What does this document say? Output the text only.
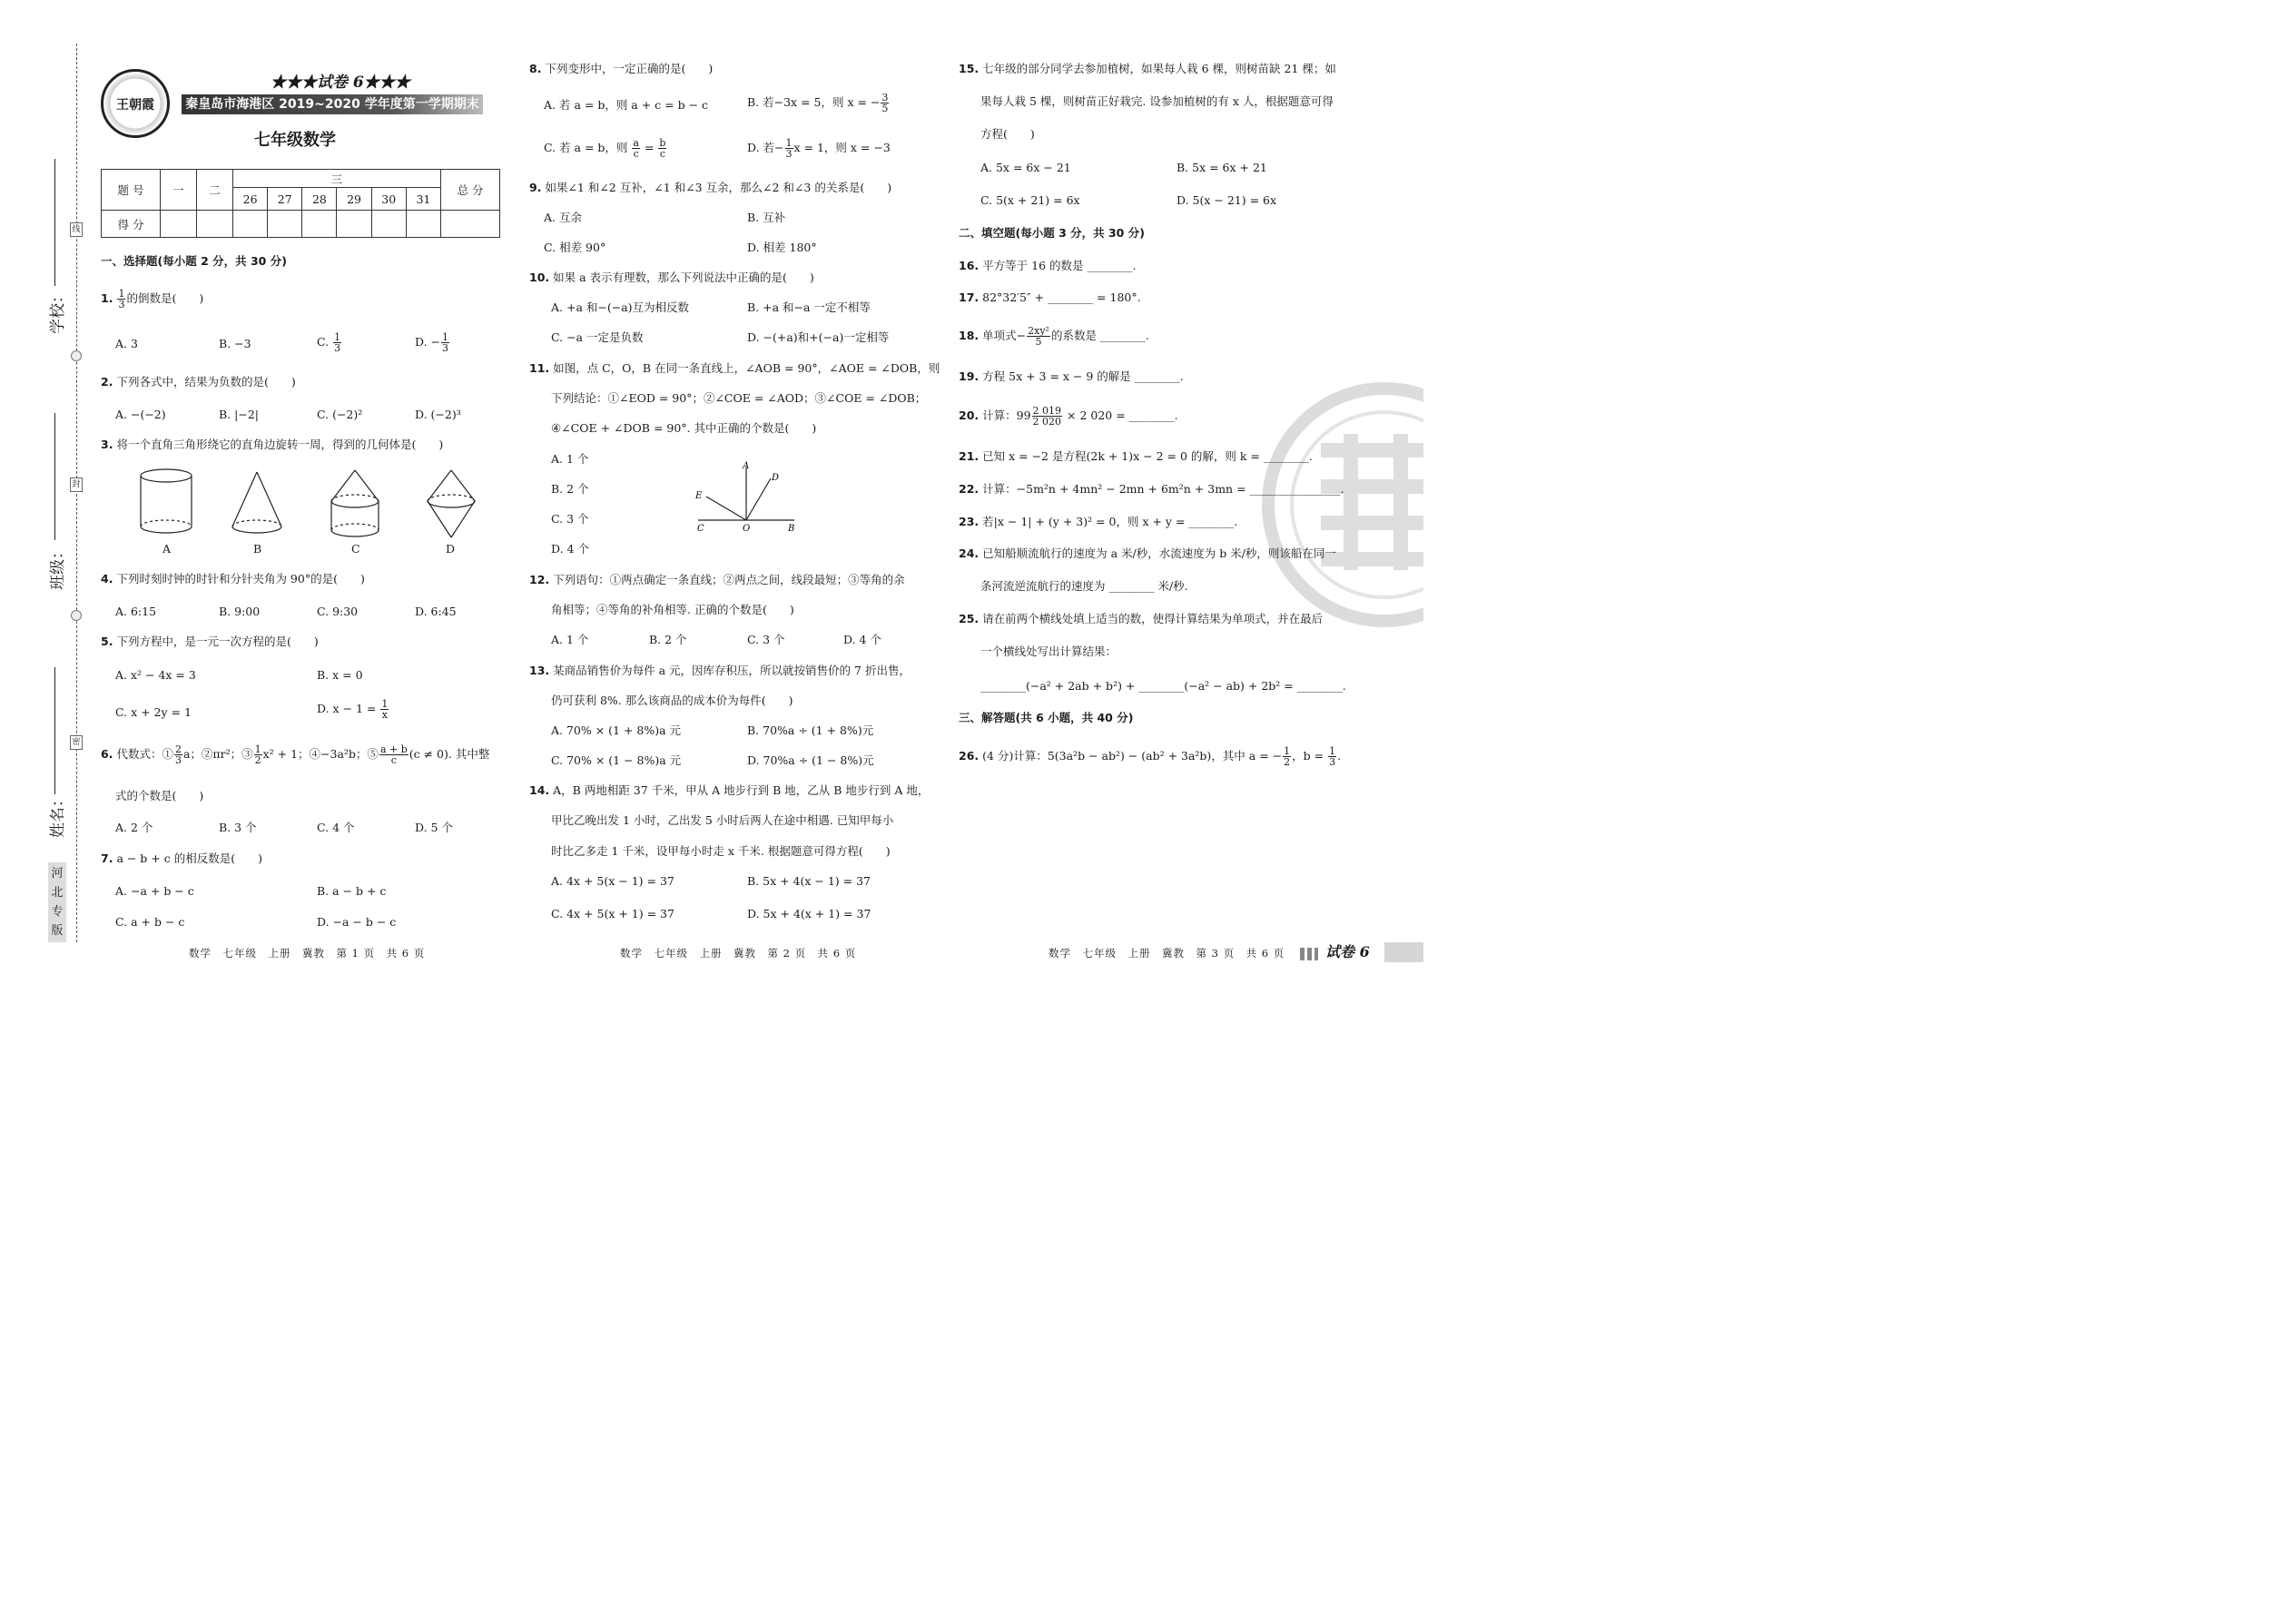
学校：
班级：
姓名：
线
封
密
河
北
专
版
王朝霞
★★★试卷 6★★★
秦皇岛市海港区 2019~2020 学年度第一学期期末质量检测试题
七年级数学
题 号	一	二	三						总 分
			26	27	28	29	30	31	
得 分									
一、选择题(每小题 2 分，共 30 分)
1. $\frac{1}{3}$ 的倒数是(　　)
A. 3	B. −3	C. $\frac{1}{3}$	D. − $\frac{1}{3}$
2. 下列各式中，结果为负数的是(　　)
A. −(−2)	B. |−2|	C. (−2)²	D. (−2)³
3. 将一个直角三角形绕它的直角边旋转一周，得到的几何体是(　　)
A	B	C	D
4. 下列时刻时钟的时针和分针夹角为 90°的是(　　)
A. 6:15	B. 9:00	C. 9:30	D. 6:45
5. 下列方程中，是一元一次方程的是(　　)
A. x² − 4x = 3	B. x = 0
C. x + 2y = 1	D. $x - 1 = \frac{1}{x}$
6. 代数式：① $\frac{2}{3}$ a；②πr²；③ $\frac{1}{2} x^2 + 1$；④−3a²b；⑤ $\frac{a + b}{c} (c \ne 0)$. 其中整
式的个数是(　　)
A. 2 个	B. 3 个	C. 4 个	D. 5 个
7. a − b + c 的相反数是(　　)
A. −a + b − c	B. a − b + c
C. a + b − c	D. −a − b − c
数学　七年级　上册　冀教　第 1 页　共 6 页
8. 下列变形中，一定正确的是(　　)
A. 若 a = b，则 a + c = b − c	B. 若−3x = 5，则 x = − $\frac{3}{5}$
C. 若 a = b，则 $\frac{a}{c} = \frac{b}{c}$	D. 若− $\frac{1}{3}$ x = 1，则 x = −3
9. 如果∠1 和∠2 互补，∠1 和∠3 互余，那么∠2 和∠3 的关系是(　　)
A. 互余	B. 互补
C. 相差 90°	D. 相差 180°
10. 如果 a 表示有理数，那么下列说法中正确的是(　　)
A. +a 和−(−a)互为相反数	B. +a 和−a 一定不相等
C. −a 一定是负数	D. −(+a)和+(−a)一定相等
11. 如图，点 C，O，B 在同一条直线上，∠AOB = 90°，∠AOE = ∠DOB，则
下列结论：①∠EOD = 90°；②∠COE = ∠AOD；③∠COE = ∠DOB；
④∠COE + ∠DOB = 90°. 其中正确的个数是(　　)
A. 1 个
B. 2 个
C. 3 个
D. 4 个
A
D
E
C	O	B
12. 下列语句：①两点确定一条直线；②两点之间，线段最短；③等角的余
角相等；④等角的补角相等. 正确的个数是(　　)
A. 1 个	B. 2 个	C. 3 个	D. 4 个
13. 某商品销售价为每件 a 元，因库存积压，所以就按销售价的 7 折出售，
仍可获利 8%. 那么该商品的成本价为每件(　　)
A. 70% × (1 + 8%)a 元	B. 70%a ÷ (1 + 8%)元
C. 70% × (1 − 8%)a 元	D. 70%a ÷ (1 − 8%)元
14. A，B 两地相距 37 千米，甲从 A 地步行到 B 地，乙从 B 地步行到 A 地，
甲比乙晚出发 1 小时，乙出发 5 小时后两人在途中相遇. 已知甲每小
时比乙多走 1 千米，设甲每小时走 x 千米. 根据题意可得方程(　　)
A. 4x + 5(x − 1) = 37	B. 5x + 4(x − 1) = 37
C. 4x + 5(x + 1) = 37	D. 5x + 4(x + 1) = 37
数学　七年级　上册　冀教　第 2 页　共 6 页
15. 七年级的部分同学去参加植树，如果每人栽 6 棵，则树苗缺 21 棵；如
果每人栽 5 棵，则树苗正好栽完. 设参加植树的有 x 人，根据题意可得
方程(　　)
A. 5x = 6x − 21	B. 5x = 6x + 21
C. 5(x + 21) = 6x	D. 5(x − 21) = 6x
二、填空题(每小题 3 分，共 30 分)
16. 平方等于 16 的数是 ________.
17. 82°32′5″ + ________ = 180°.
18. 单项式− $\frac{\text{2xy²}}{5}$ 的系数是 ________.
19. 方程 5x + 3 = x − 9 的解是 ________.
20. 计算：$99 \frac{2 019}{2 020} \times 2$ 020 = ________.
21. 已知 x = −2 是方程(2k + 1)x − 2 = 0 的解，则 k = ________.
22. 计算：−5m²n + 4mn² − 2mn + 6m²n + 3mn = ________________.
23. 若|x − 1| + (y + 3)² = 0，则 x + y = ________.
24. 已知船顺流航行的速度为 a 米/秒，水流速度为 b 米/秒，则该船在同一
条河流逆流航行的速度为 ________ 米/秒.
25. 请在前两个横线处填上适当的数，使得计算结果为单项式，并在最后
一个横线处写出计算结果：
________(−a² + 2ab + b²) + ________(−a² − ab) + 2b² = ________.
三、解答题(共 6 小题，共 40 分)
26. (4 分)计算：5(3a²b − ab²) − (ab² + 3a²b)，其中 a = − $\frac{1}{2}$ ，$b = \frac{1}{3}$ .
数学　七年级　上册　冀教　第 3 页　共 6 页	试卷 6
